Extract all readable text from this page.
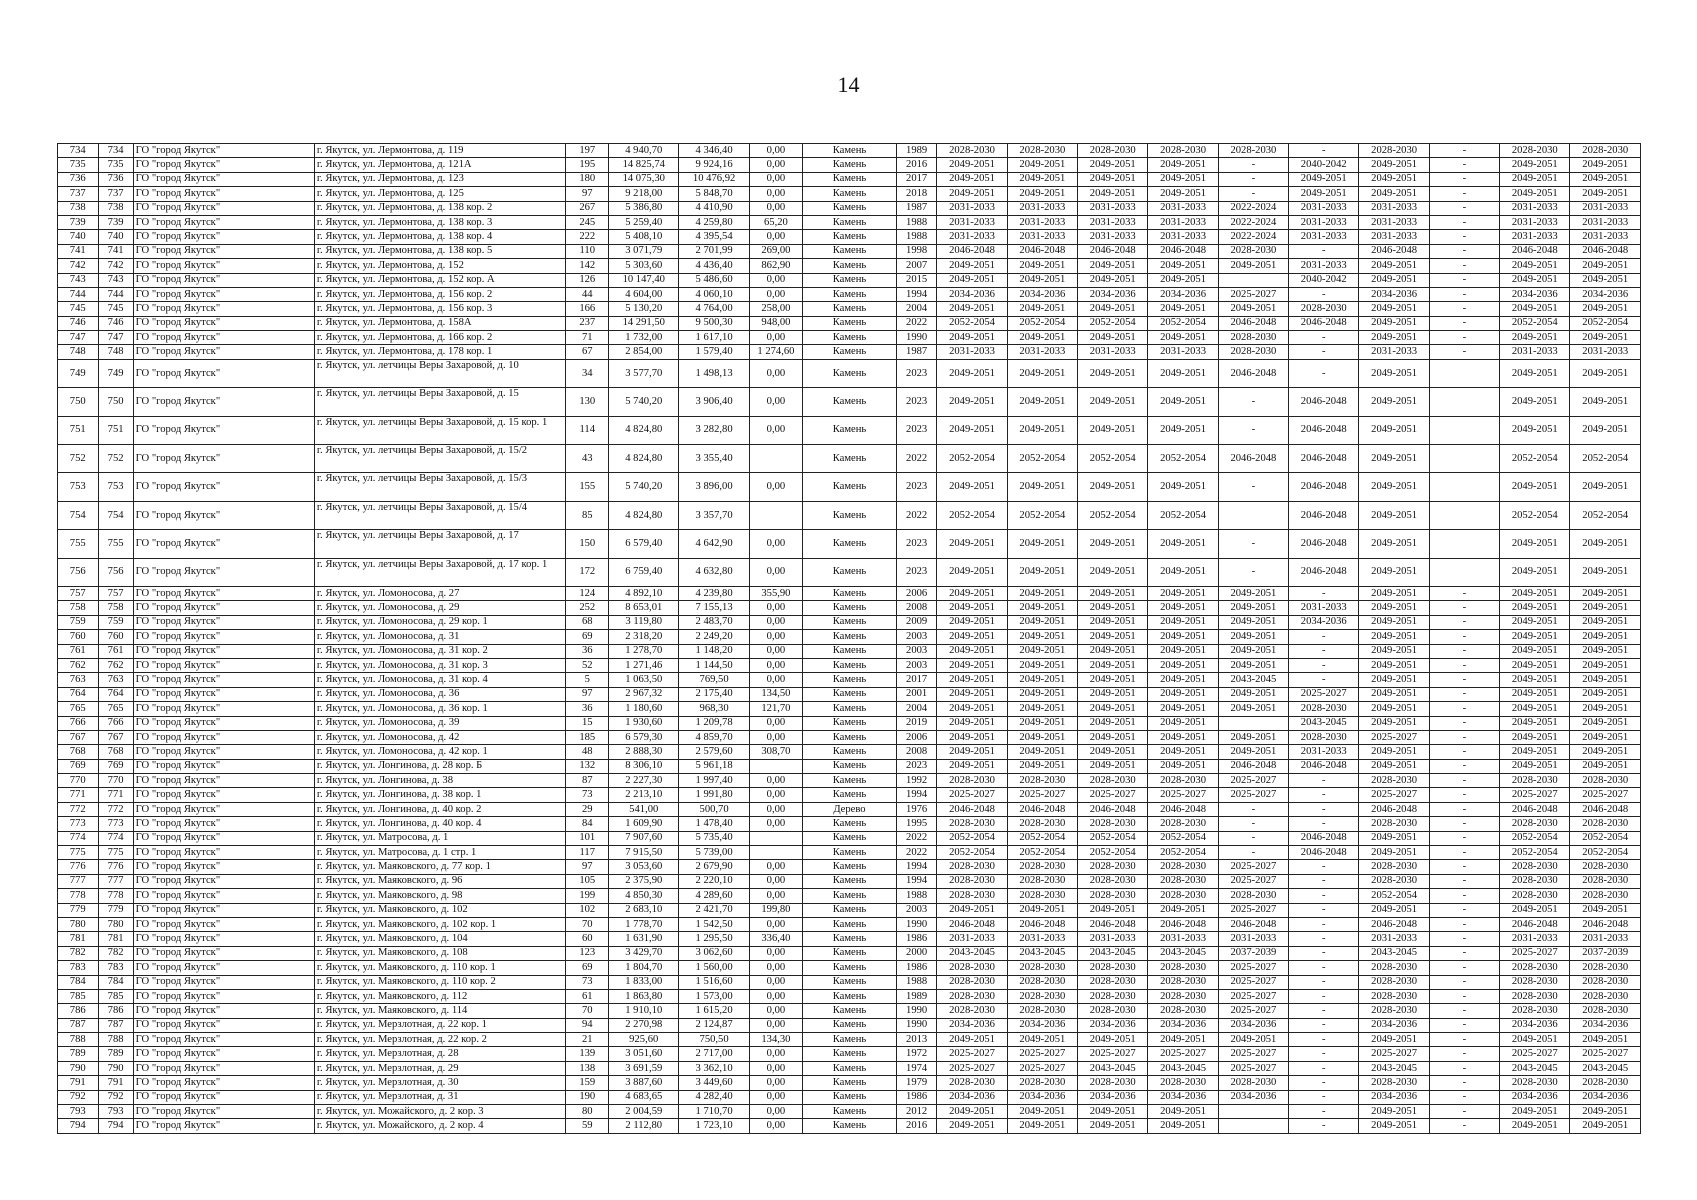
14
734	734	ГО "город Якутск"	г. Якутск, ул. Лермонтова, д. 119	197	4 940,70	4 346,40	0,00	Камень	1989	2028-2030	2028-2030	2028-2030	2028-2030	2028-2030	-	2028-2030	-	2028-2030	2028-2030
735	735	ГО "город Якутск"	г. Якутск, ул. Лермонтова, д. 121А	195	14 825,74	9 924,16	0,00	Камень	2016	2049-2051	2049-2051	2049-2051	2049-2051	-	2040-2042	2049-2051	-	2049-2051	2049-2051
736	736	ГО "город Якутск"	г. Якутск, ул. Лермонтова, д. 123	180	14 075,30	10 476,92	0,00	Камень	2017	2049-2051	2049-2051	2049-2051	2049-2051	-	2049-2051	2049-2051	-	2049-2051	2049-2051
737	737	ГО "город Якутск"	г. Якутск, ул. Лермонтова, д. 125	97	9 218,00	5 848,70	0,00	Камень	2018	2049-2051	2049-2051	2049-2051	2049-2051	-	2049-2051	2049-2051	-	2049-2051	2049-2051
738	738	ГО "город Якутск"	г. Якутск, ул. Лермонтова, д. 138 кор. 2	267	5 386,80	4 410,90	0,00	Камень	1987	2031-2033	2031-2033	2031-2033	2031-2033	2022-2024	2031-2033	2031-2033	-	2031-2033	2031-2033
739	739	ГО "город Якутск"	г. Якутск, ул. Лермонтова, д. 138 кор. 3	245	5 259,40	4 259,80	65,20	Камень	1988	2031-2033	2031-2033	2031-2033	2031-2033	2022-2024	2031-2033	2031-2033	-	2031-2033	2031-2033
740	740	ГО "город Якутск"	г. Якутск, ул. Лермонтова, д. 138 кор. 4	222	5 408,10	4 395,54	0,00	Камень	1988	2031-2033	2031-2033	2031-2033	2031-2033	2022-2024	2031-2033	2031-2033	-	2031-2033	2031-2033
741	741	ГО "город Якутск"	г. Якутск, ул. Лермонтова, д. 138 кор. 5	110	3 071,79	2 701,99	269,00	Камень	1998	2046-2048	2046-2048	2046-2048	2046-2048	2028-2030	-	2046-2048	-	2046-2048	2046-2048
742	742	ГО "город Якутск"	г. Якутск, ул. Лермонтова, д. 152	142	5 303,60	4 436,40	862,90	Камень	2007	2049-2051	2049-2051	2049-2051	2049-2051	2049-2051	2031-2033	2049-2051	-	2049-2051	2049-2051
743	743	ГО "город Якутск"	г. Якутск, ул. Лермонтова, д. 152 кор. А	126	10 147,40	5 486,60	0,00	Камень	2015	2049-2051	2049-2051	2049-2051	2049-2051		2040-2042	2049-2051	-	2049-2051	2049-2051
744	744	ГО "город Якутск"	г. Якутск, ул. Лермонтова, д. 156 кор. 2	44	4 604,00	4 060,10	0,00	Камень	1994	2034-2036	2034-2036	2034-2036	2034-2036	2025-2027	-	2034-2036	-	2034-2036	2034-2036
745	745	ГО "город Якутск"	г. Якутск, ул. Лермонтова, д. 156 кор. 3	166	5 130,20	4 764,00	258,00	Камень	2004	2049-2051	2049-2051	2049-2051	2049-2051	2049-2051	2028-2030	2049-2051	-	2049-2051	2049-2051
746	746	ГО "город Якутск"	г. Якутск, ул. Лермонтова, д. 158А	237	14 291,50	9 500,30	948,00	Камень	2022	2052-2054	2052-2054	2052-2054	2052-2054	2046-2048	2046-2048	2049-2051	-	2052-2054	2052-2054
747	747	ГО "город Якутск"	г. Якутск, ул. Лермонтова, д. 166 кор. 2	71	1 732,00	1 617,10	0,00	Камень	1990	2049-2051	2049-2051	2049-2051	2049-2051	2028-2030	-	2049-2051	-	2049-2051	2049-2051
748	748	ГО "город Якутск"	г. Якутск, ул. Лермонтова, д. 178 кор. 1	67	2 854,00	1 579,40	1 274,60	Камень	1987	2031-2033	2031-2033	2031-2033	2031-2033	2028-2030	-	2031-2033	-	2031-2033	2031-2033
749	749	ГО "город Якутск"	г. Якутск, ул. летчицы Веры Захаровой, д. 10	34	3 577,70	1 498,13	0,00	Камень	2023	2049-2051	2049-2051	2049-2051	2049-2051	2046-2048	-	2049-2051		2049-2051	2049-2051
750	750	ГО "город Якутск"	г. Якутск, ул. летчицы Веры Захаровой, д. 15	130	5 740,20	3 906,40	0,00	Камень	2023	2049-2051	2049-2051	2049-2051	2049-2051	-	2046-2048	2049-2051		2049-2051	2049-2051
751	751	ГО "город Якутск"	г. Якутск, ул. летчицы Веры Захаровой, д. 15 кор. 1	114	4 824,80	3 282,80	0,00	Камень	2023	2049-2051	2049-2051	2049-2051	2049-2051	-	2046-2048	2049-2051		2049-2051	2049-2051
752	752	ГО "город Якутск"	г. Якутск, ул. летчицы Веры Захаровой, д. 15/2	43	4 824,80	3 355,40		Камень	2022	2052-2054	2052-2054	2052-2054	2052-2054	2046-2048	2046-2048	2049-2051		2052-2054	2052-2054
753	753	ГО "город Якутск"	г. Якутск, ул. летчицы Веры Захаровой, д. 15/3	155	5 740,20	3 896,00	0,00	Камень	2023	2049-2051	2049-2051	2049-2051	2049-2051	-	2046-2048	2049-2051		2049-2051	2049-2051
754	754	ГО "город Якутск"	г. Якутск, ул. летчицы Веры Захаровой, д. 15/4	85	4 824,80	3 357,70		Камень	2022	2052-2054	2052-2054	2052-2054	2052-2054		2046-2048	2049-2051		2052-2054	2052-2054
755	755	ГО "город Якутск"	г. Якутск, ул. летчицы Веры Захаровой, д. 17	150	6 579,40	4 642,90	0,00	Камень	2023	2049-2051	2049-2051	2049-2051	2049-2051	-	2046-2048	2049-2051		2049-2051	2049-2051
756	756	ГО "город Якутск"	г. Якутск, ул. летчицы Веры Захаровой, д. 17 кор. 1	172	6 759,40	4 632,80	0,00	Камень	2023	2049-2051	2049-2051	2049-2051	2049-2051	-	2046-2048	2049-2051		2049-2051	2049-2051
757	757	ГО "город Якутск"	г. Якутск, ул. Ломоносова, д. 27	124	4 892,10	4 239,80	355,90	Камень	2006	2049-2051	2049-2051	2049-2051	2049-2051	2049-2051	-	2049-2051	-	2049-2051	2049-2051
758	758	ГО "город Якутск"	г. Якутск, ул. Ломоносова, д. 29	252	8 653,01	7 155,13	0,00	Камень	2008	2049-2051	2049-2051	2049-2051	2049-2051	2049-2051	2031-2033	2049-2051	-	2049-2051	2049-2051
759	759	ГО "город Якутск"	г. Якутск, ул. Ломоносова, д. 29 кор. 1	68	3 119,80	2 483,70	0,00	Камень	2009	2049-2051	2049-2051	2049-2051	2049-2051	2049-2051	2034-2036	2049-2051	-	2049-2051	2049-2051
760	760	ГО "город Якутск"	г. Якутск, ул. Ломоносова, д. 31	69	2 318,20	2 249,20	0,00	Камень	2003	2049-2051	2049-2051	2049-2051	2049-2051	2049-2051	-	2049-2051	-	2049-2051	2049-2051
761	761	ГО "город Якутск"	г. Якутск, ул. Ломоносова, д. 31 кор. 2	36	1 278,70	1 148,20	0,00	Камень	2003	2049-2051	2049-2051	2049-2051	2049-2051	2049-2051	-	2049-2051	-	2049-2051	2049-2051
762	762	ГО "город Якутск"	г. Якутск, ул. Ломоносова, д. 31 кор. 3	52	1 271,46	1 144,50	0,00	Камень	2003	2049-2051	2049-2051	2049-2051	2049-2051	2049-2051	-	2049-2051	-	2049-2051	2049-2051
763	763	ГО "город Якутск"	г. Якутск, ул. Ломоносова, д. 31 кор. 4	5	1 063,50	769,50	0,00	Камень	2017	2049-2051	2049-2051	2049-2051	2049-2051	2043-2045	-	2049-2051	-	2049-2051	2049-2051
764	764	ГО "город Якутск"	г. Якутск, ул. Ломоносова, д. 36	97	2 967,32	2 175,40	134,50	Камень	2001	2049-2051	2049-2051	2049-2051	2049-2051	2049-2051	2025-2027	2049-2051	-	2049-2051	2049-2051
765	765	ГО "город Якутск"	г. Якутск, ул. Ломоносова, д. 36 кор. 1	36	1 180,60	968,30	121,70	Камень	2004	2049-2051	2049-2051	2049-2051	2049-2051	2049-2051	2028-2030	2049-2051	-	2049-2051	2049-2051
766	766	ГО "город Якутск"	г. Якутск, ул. Ломоносова, д. 39	15	1 930,60	1 209,78	0,00	Камень	2019	2049-2051	2049-2051	2049-2051	2049-2051		2043-2045	2049-2051	-	2049-2051	2049-2051
767	767	ГО "город Якутск"	г. Якутск, ул. Ломоносова, д. 42	185	6 579,30	4 859,70	0,00	Камень	2006	2049-2051	2049-2051	2049-2051	2049-2051	2049-2051	2028-2030	2025-2027	-	2049-2051	2049-2051
768	768	ГО "город Якутск"	г. Якутск, ул. Ломоносова, д. 42 кор. 1	48	2 888,30	2 579,60	308,70	Камень	2008	2049-2051	2049-2051	2049-2051	2049-2051	2049-2051	2031-2033	2049-2051	-	2049-2051	2049-2051
769	769	ГО "город Якутск"	г. Якутск, ул. Лонгинова, д. 28 кор. Б	132	8 306,10	5 961,18		Камень	2023	2049-2051	2049-2051	2049-2051	2049-2051	2046-2048	2046-2048	2049-2051	-	2049-2051	2049-2051
770	770	ГО "город Якутск"	г. Якутск, ул. Лонгинова, д. 38	87	2 227,30	1 997,40	0,00	Камень	1992	2028-2030	2028-2030	2028-2030	2028-2030	2025-2027	-	2028-2030	-	2028-2030	2028-2030
771	771	ГО "город Якутск"	г. Якутск, ул. Лонгинова, д. 38 кор. 1	73	2 213,10	1 991,80	0,00	Камень	1994	2025-2027	2025-2027	2025-2027	2025-2027	2025-2027	-	2025-2027	-	2025-2027	2025-2027
772	772	ГО "город Якутск"	г. Якутск, ул. Лонгинова, д. 40 кор. 2	29	541,00	500,70	0,00	Дерево	1976	2046-2048	2046-2048	2046-2048	2046-2048	-	-	2046-2048	-	2046-2048	2046-2048
773	773	ГО "город Якутск"	г. Якутск, ул. Лонгинова, д. 40 кор. 4	84	1 609,90	1 478,40	0,00	Камень	1995	2028-2030	2028-2030	2028-2030	2028-2030	-	-	2028-2030	-	2028-2030	2028-2030
774	774	ГО "город Якутск"	г. Якутск, ул. Матросова, д. 1	101	7 907,60	5 735,40		Камень	2022	2052-2054	2052-2054	2052-2054	2052-2054	-	2046-2048	2049-2051	-	2052-2054	2052-2054
775	775	ГО "город Якутск"	г. Якутск, ул. Матросова, д. 1 стр. 1	117	7 915,50	5 739,00		Камень	2022	2052-2054	2052-2054	2052-2054	2052-2054	-	2046-2048	2049-2051	-	2052-2054	2052-2054
776	776	ГО "город Якутск"	г. Якутск, ул. Маяковского, д. 77 кор. 1	97	3 053,60	2 679,90	0,00	Камень	1994	2028-2030	2028-2030	2028-2030	2028-2030	2025-2027	-	2028-2030	-	2028-2030	2028-2030
777	777	ГО "город Якутск"	г. Якутск, ул. Маяковского, д. 96	105	2 375,90	2 220,10	0,00	Камень	1994	2028-2030	2028-2030	2028-2030	2028-2030	2025-2027	-	2028-2030	-	2028-2030	2028-2030
778	778	ГО "город Якутск"	г. Якутск, ул. Маяковского, д. 98	199	4 850,30	4 289,60	0,00	Камень	1988	2028-2030	2028-2030	2028-2030	2028-2030	2028-2030	-	2052-2054	-	2028-2030	2028-2030
779	779	ГО "город Якутск"	г. Якутск, ул. Маяковского, д. 102	102	2 683,10	2 421,70	199,80	Камень	2003	2049-2051	2049-2051	2049-2051	2049-2051	2025-2027	-	2049-2051	-	2049-2051	2049-2051
780	780	ГО "город Якутск"	г. Якутск, ул. Маяковского, д. 102 кор. 1	70	1 778,70	1 542,50	0,00	Камень	1990	2046-2048	2046-2048	2046-2048	2046-2048	2046-2048	-	2046-2048	-	2046-2048	2046-2048
781	781	ГО "город Якутск"	г. Якутск, ул. Маяковского, д. 104	60	1 631,90	1 295,50	336,40	Камень	1986	2031-2033	2031-2033	2031-2033	2031-2033	2031-2033	-	2031-2033	-	2031-2033	2031-2033
782	782	ГО "город Якутск"	г. Якутск, ул. Маяковского, д. 108	123	3 429,70	3 062,60	0,00	Камень	2000	2043-2045	2043-2045	2043-2045	2043-2045	2037-2039	-	2043-2045	-	2025-2027	2037-2039
783	783	ГО "город Якутск"	г. Якутск, ул. Маяковского, д. 110 кор. 1	69	1 804,70	1 560,00	0,00	Камень	1986	2028-2030	2028-2030	2028-2030	2028-2030	2025-2027	-	2028-2030	-	2028-2030	2028-2030
784	784	ГО "город Якутск"	г. Якутск, ул. Маяковского, д. 110 кор. 2	73	1 833,00	1 516,60	0,00	Камень	1988	2028-2030	2028-2030	2028-2030	2028-2030	2025-2027	-	2028-2030	-	2028-2030	2028-2030
785	785	ГО "город Якутск"	г. Якутск, ул. Маяковского, д. 112	61	1 863,80	1 573,00	0,00	Камень	1989	2028-2030	2028-2030	2028-2030	2028-2030	2025-2027	-	2028-2030	-	2028-2030	2028-2030
786	786	ГО "город Якутск"	г. Якутск, ул. Маяковского, д. 114	70	1 910,10	1 615,20	0,00	Камень	1990	2028-2030	2028-2030	2028-2030	2028-2030	2025-2027	-	2028-2030	-	2028-2030	2028-2030
787	787	ГО "город Якутск"	г. Якутск, ул. Мерзлотная, д. 22 кор. 1	94	2 270,98	2 124,87	0,00	Камень	1990	2034-2036	2034-2036	2034-2036	2034-2036	2034-2036	-	2034-2036	-	2034-2036	2034-2036
788	788	ГО "город Якутск"	г. Якутск, ул. Мерзлотная, д. 22 кор. 2	21	925,60	750,50	134,30	Камень	2013	2049-2051	2049-2051	2049-2051	2049-2051	2049-2051	-	2049-2051	-	2049-2051	2049-2051
789	789	ГО "город Якутск"	г. Якутск, ул. Мерзлотная, д. 28	139	3 051,60	2 717,00	0,00	Камень	1972	2025-2027	2025-2027	2025-2027	2025-2027	2025-2027	-	2025-2027	-	2025-2027	2025-2027
790	790	ГО "город Якутск"	г. Якутск, ул. Мерзлотная, д. 29	138	3 691,59	3 362,10	0,00	Камень	1974	2025-2027	2025-2027	2043-2045	2043-2045	2025-2027	-	2043-2045	-	2043-2045	2043-2045
791	791	ГО "город Якутск"	г. Якутск, ул. Мерзлотная, д. 30	159	3 887,60	3 449,60	0,00	Камень	1979	2028-2030	2028-2030	2028-2030	2028-2030	2028-2030	-	2028-2030	-	2028-2030	2028-2030
792	792	ГО "город Якутск"	г. Якутск, ул. Мерзлотная, д. 31	190	4 683,65	4 282,40	0,00	Камень	1986	2034-2036	2034-2036	2034-2036	2034-2036	2034-2036	-	2034-2036	-	2034-2036	2034-2036
793	793	ГО "город Якутск"	г. Якутск, ул. Можайского, д. 2 кор. 3	80	2 004,59	1 710,70	0,00	Камень	2012	2049-2051	2049-2051	2049-2051	2049-2051		-	2049-2051	-	2049-2051	2049-2051
794	794	ГО "город Якутск"	г. Якутск, ул. Можайского, д. 2 кор. 4	59	2 112,80	1 723,10	0,00	Камень	2016	2049-2051	2049-2051	2049-2051	2049-2051		-	2049-2051	-	2049-2051	2049-2051
